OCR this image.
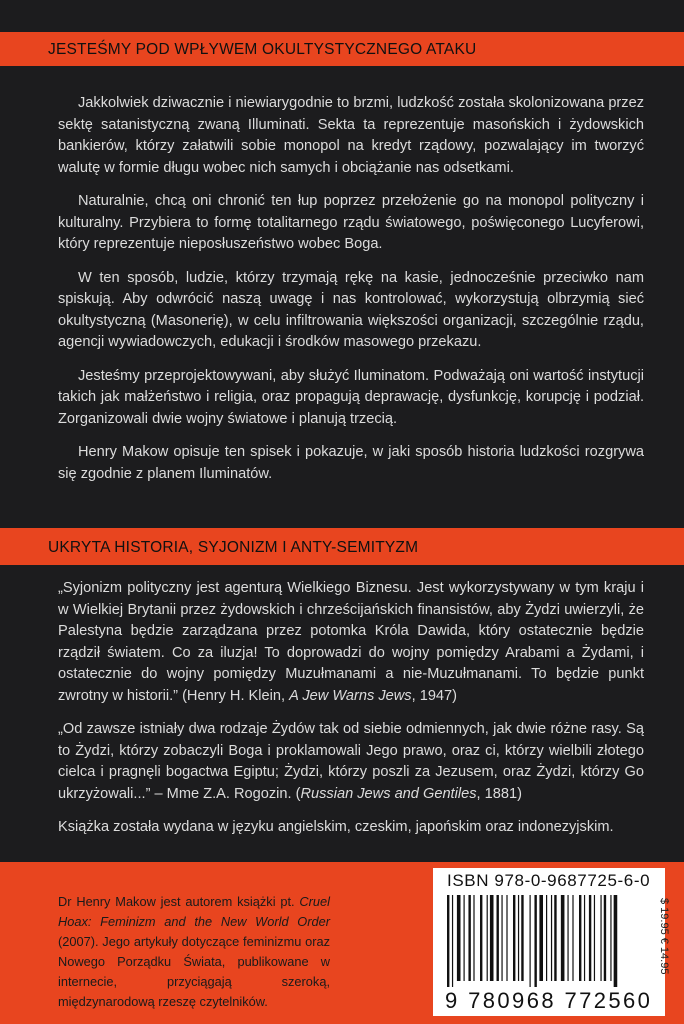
JESTEŚMY POD WPŁYWEM OKULTYSTYCZNEGO ATAKU

Jakkolwiek dziwacznie i niewiarygodnie to brzmi, ludzkość została skolonizowana przez sektę satanistyczną zwaną Illuminati. Sekta ta reprezentuje masońskich i żydowskich bankierów, którzy załatwili sobie monopol na kredyt rządowy, pozwalający im tworzyć walutę w formie długu wobec nich samych i obciążanie nas odsetkami.

Naturalnie, chcą oni chronić ten łup poprzez przełożenie go na monopol polityczny i kulturalny. Przybiera to formę totalitarnego rządu światowego, poświęconego Lucyferowi, który reprezentuje nieposłuszeństwo wobec Boga.

W ten sposób, ludzie, którzy trzymają rękę na kasie, jednocześnie przeciwko nam spiskują. Aby odwrócić naszą uwagę i nas kontrolować, wykorzystują olbrzymią sieć okultystyczną (Masonerię), w celu infiltrowania większości organizacji, szczególnie rządu, agencji wywiadowczych, edukacji i środków masowego przekazu.

Jesteśmy przeprojektowywani, aby służyć Iluminatom. Podważają oni wartość instytucji takich jak małżeństwo i religia, oraz propagują deprawację, dysfunkcję, korupcję i podział. Zorganizowali dwie wojny światowe i planują trzecią.

Henry Makow opisuje ten spisek i pokazuje, w jaki sposób historia ludzkości rozgrywa się zgodnie z planem Iluminatów.

UKRYTA HISTORIA, SYJONIZM I ANTY-SEMITYZM

„Syjonizm polityczny jest agenturą Wielkiego Biznesu. Jest wykorzystywany w tym kraju i w Wielkiej Brytanii przez żydowskich i chrześcijańskich finansistów, aby Żydzi uwierzyli, że Palestyna będzie zarządzana przez potomka Króla Dawida, który ostatecznie będzie rządził światem. Co za iluzja! To doprowadzi do wojny pomiędzy Arabami a Żydami, i ostatecznie do wojny pomiędzy Muzułmanami a nie-Muzułmanami. To będzie punkt zwrotny w historii.” (Henry H. Klein, A Jew Warns Jews, 1947)

„Od zawsze istniały dwa rodzaje Żydów tak od siebie odmiennych, jak dwie różne rasy. Są to Żydzi, którzy zobaczyli Boga i proklamowali Jego prawo, oraz ci, którzy wielbili złotego cielca i pragnęli bogactwa Egiptu; Żydzi, którzy poszli za Jezusem, oraz Żydzi, którzy Go ukrzyżowali...” – Mme Z.A. Rogozin. (Russian Jews and Gentiles, 1881)

Książka została wydana w języku angielskim, czeskim, japońskim oraz indonezyjskim.

Dr Henry Makow jest autorem książki pt. Cruel Hoax: Feminizm and the New World Order (2007). Jego artykuły dotyczące feminizmu oraz Nowego Porządku Świata, publikowane w internecie, przyciągają szeroką, międzynarodową rzeszę czytelników.
ISBN 978-0-9687725-6-0
9 780968 772560
$ 19.95 € 14.95
